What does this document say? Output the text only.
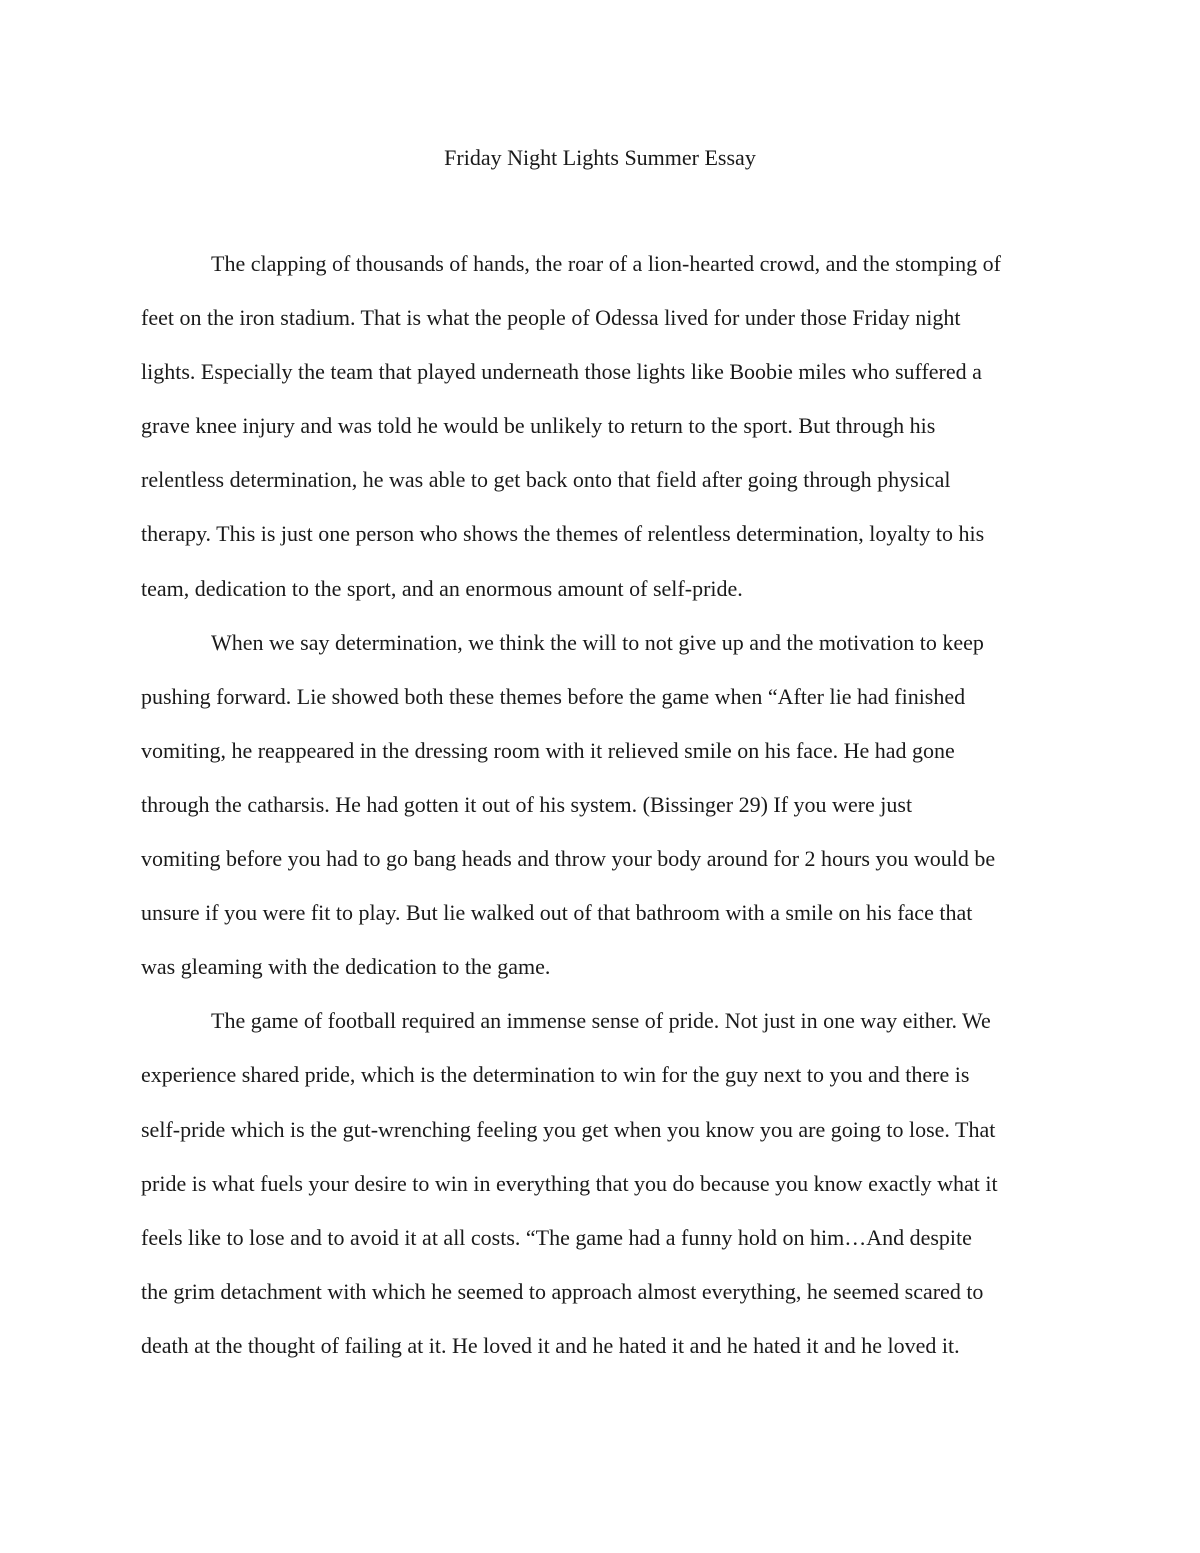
Friday Night Lights Summer Essay
The clapping of thousands of hands, the roar of a lion-hearted crowd, and the stomping of
feet on the iron stadium. That is what the people of Odessa lived for under those Friday night
lights. Especially the team that played underneath those lights like Boobie miles who suffered a
grave knee injury and was told he would be unlikely to return to the sport. But through his
relentless determination, he was able to get back onto that field after going through physical
therapy. This is just one person who shows the themes of relentless determination, loyalty to his
team, dedication to the sport, and an enormous amount of self-pride.
When we say determination, we think the will to not give up and the motivation to keep
pushing forward. Lie showed both these themes before the game when “After lie had finished
vomiting, he reappeared in the dressing room with it relieved smile on his face. He had gone
through the catharsis. He had gotten it out of his system. (Bissinger 29) If you were just
vomiting before you had to go bang heads and throw your body around for 2 hours you would be
unsure if you were fit to play. But lie walked out of that bathroom with a smile on his face that
was gleaming with the dedication to the game.
The game of football required an immense sense of pride. Not just in one way either. We
experience shared pride, which is the determination to win for the guy next to you and there is
self-pride which is the gut-wrenching feeling you get when you know you are going to lose. That
pride is what fuels your desire to win in everything that you do because you know exactly what it
feels like to lose and to avoid it at all costs. “The game had a funny hold on him…And despite
the grim detachment with which he seemed to approach almost everything, he seemed scared to
death at the thought of failing at it. He loved it and he hated it and he hated it and he loved it.
